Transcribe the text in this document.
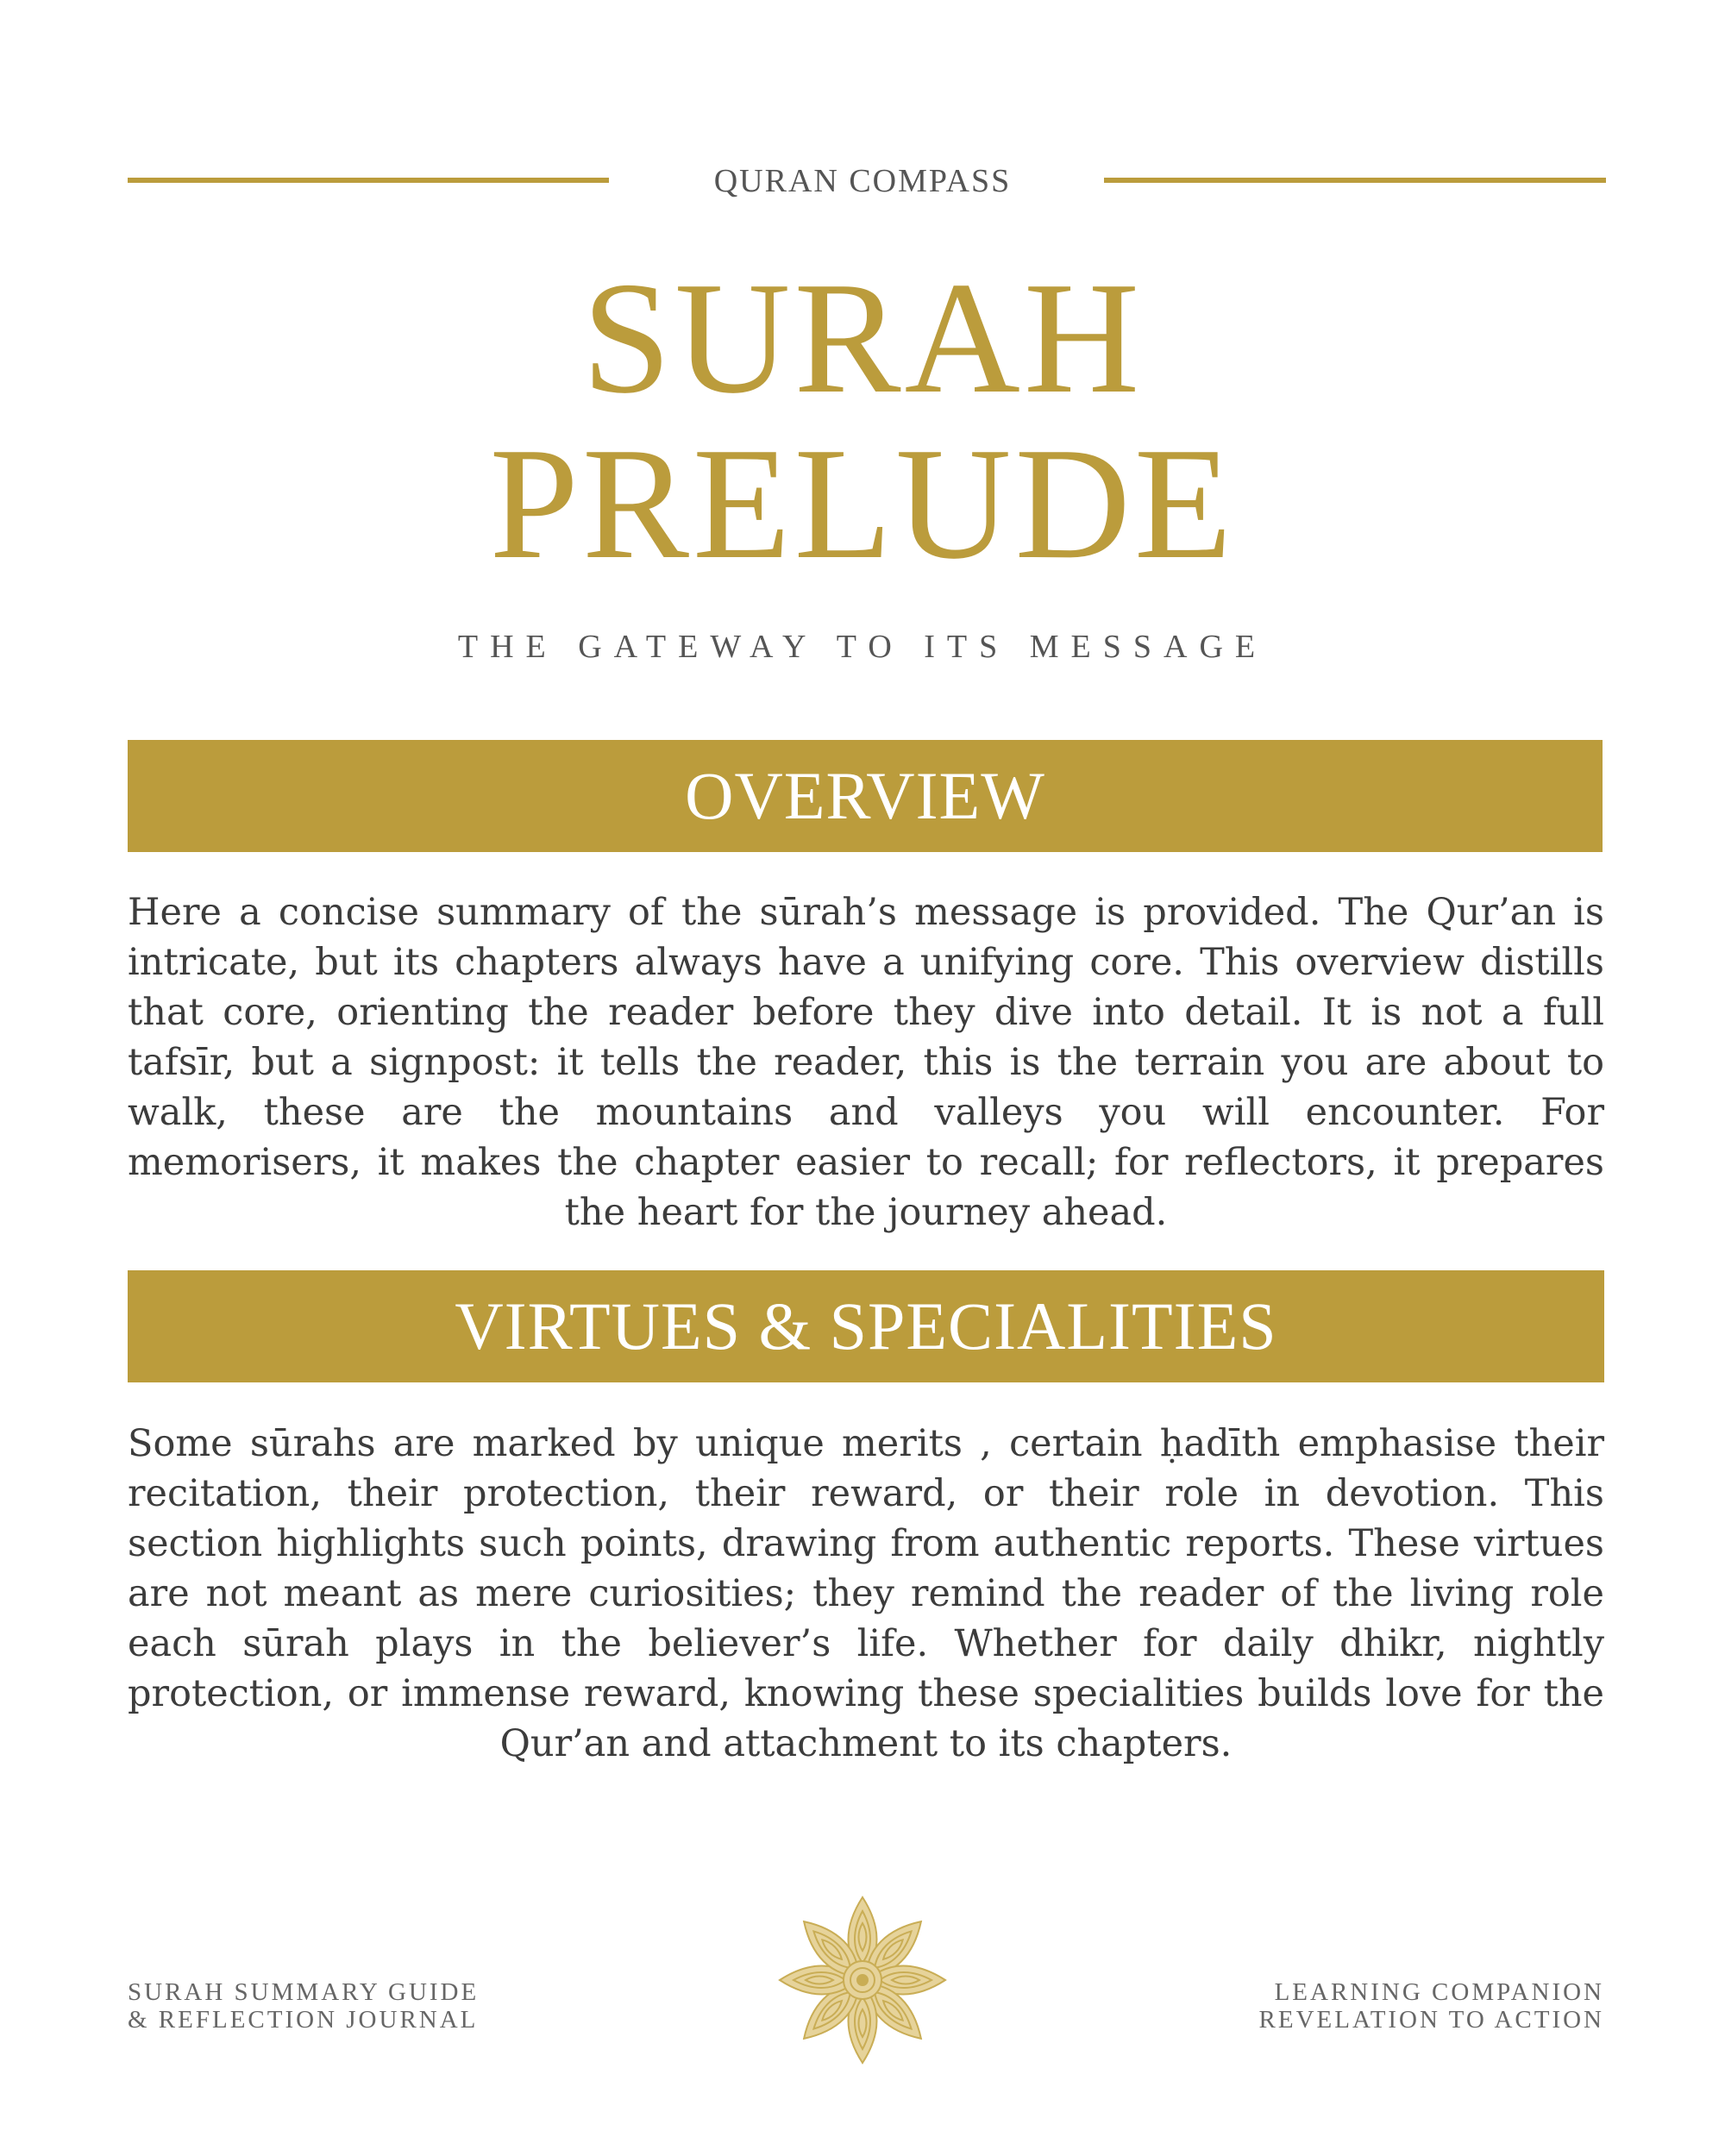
QURAN COMPASS
SURAH
PRELUDE
THE GATEWAY TO ITS MESSAGE
OVERVIEW

Here a concise summary of the sūrah’s message is provided. The Qur’an is intricate, but its chapters always have a unifying core. This overview distills that core, orienting the reader before they dive into detail. It is not a full tafsīr, but a signpost: it tells the reader, this is the terrain you are about to walk, these are the mountains and valleys you will encounter. For memorisers, it makes the chapter easier to recall; for reflectors, it prepares the heart for the journey ahead.

VIRTUES & SPECIALITIES

Some sūrahs are marked by unique merits , certain ḥadīth emphasise their recitation, their protection, their reward, or their role in devotion. This section highlights such points, drawing from authentic reports. These virtues are not meant as mere curiosities; they remind the reader of the living role each sūrah plays in the believer’s life. Whether for daily dhikr, nightly protection, or immense reward, knowing these specialities builds love for the Qur’an and attachment to its chapters.

SURAH SUMMARY GUIDE
& REFLECTION JOURNAL
LEARNING COMPANION
REVELATION TO ACTION
